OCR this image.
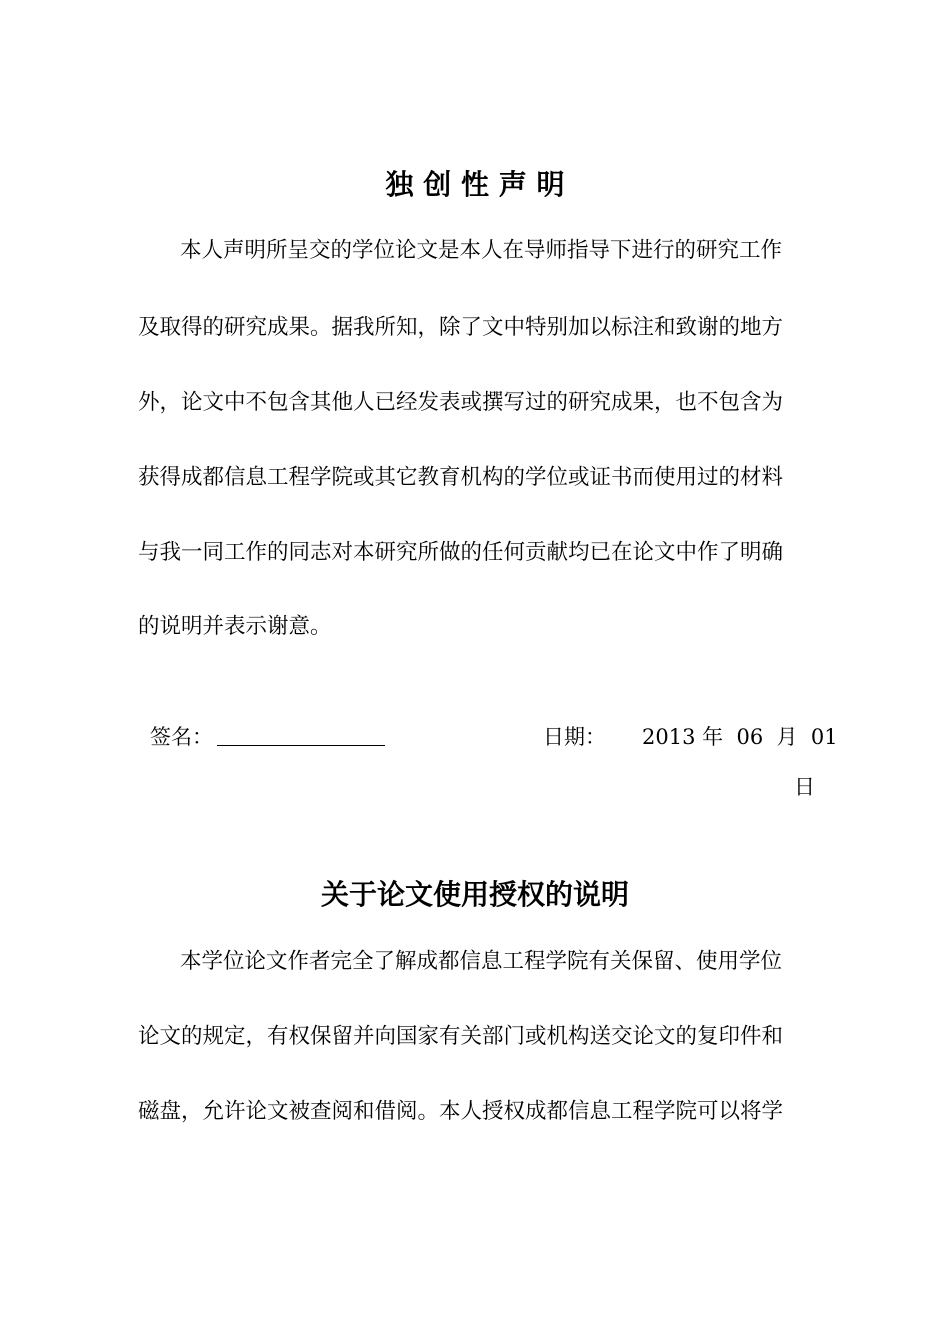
独 创 性 声 明
本人声明所呈交的学位论文是本人在导师指导下进行的研究工作
及取得的研究成果。据我所知，除了文中特别加以标注和致谢的地方
外，论文中不包含其他人已经发表或撰写过的研究成果，也不包含为
获得成都信息工程学院或其它教育机构的学位或证书而使用过的材料
与我一同工作的同志对本研究所做的任何贡献均已在论文中作了明确
的说明并表示谢意。
签名：	日期： 2013 年  06  月  01
日
关于论文使用授权的说明
本学位论文作者完全了解成都信息工程学院有关保留、使用学位
论文的规定，有权保留并向国家有关部门或机构送交论文的复印件和
磁盘，允许论文被查阅和借阅。本人授权成都信息工程学院可以将学
